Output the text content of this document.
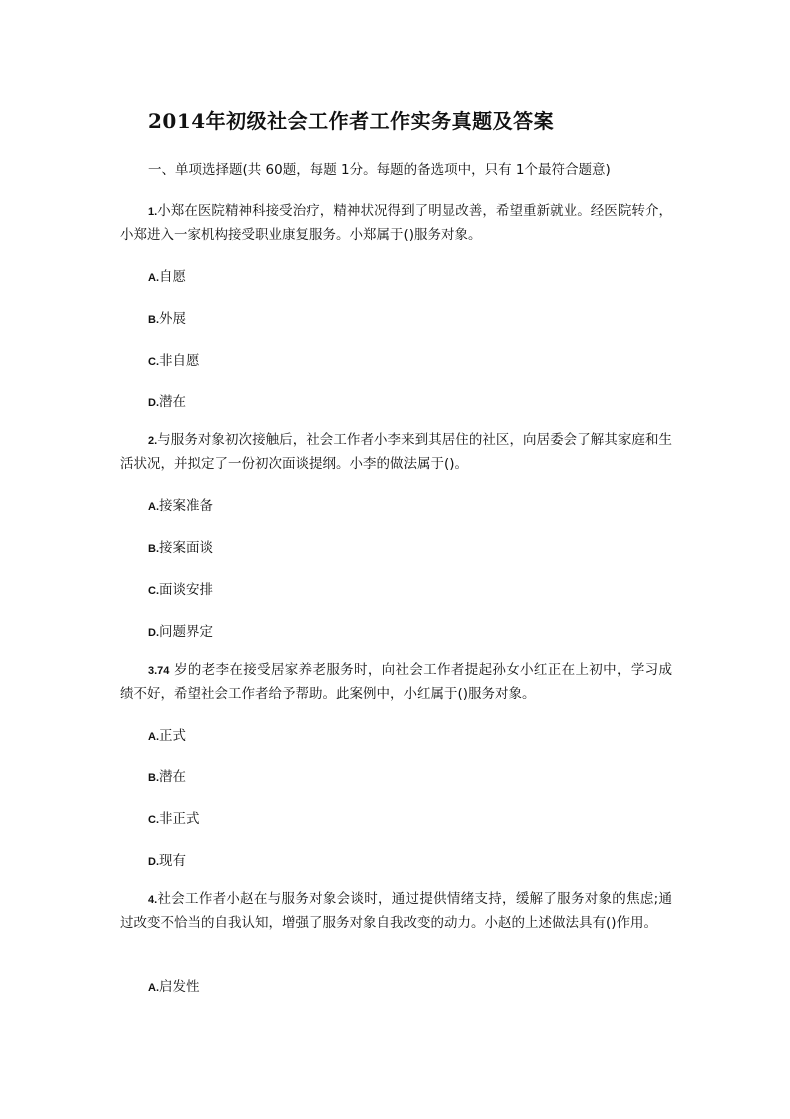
2014年初级社会工作者工作实务真题及答案
一、单项选择题(共 60题，每题 1分。每题的备选项中，只有 1个最符合题意)
1.小郑在医院精神科接受治疗，精神状况得到了明显改善，希望重新就业。经医院转介，小郑进入一家机构接受职业康复服务。小郑属于()服务对象。
A.自愿
B.外展
C.非自愿
D.潜在
2.与服务对象初次接触后，社会工作者小李来到其居住的社区，向居委会了解其家庭和生活状况，并拟定了一份初次面谈提纲。小李的做法属于()。
A.接案准备
B.接案面谈
C.面谈安排
D.问题界定
3.74 岁的老李在接受居家养老服务时，向社会工作者提起孙女小红正在上初中，学习成绩不好，希望社会工作者给予帮助。此案例中，小红属于()服务对象。
A.正式
B.潜在
C.非正式
D.现有
4.社会工作者小赵在与服务对象会谈时，通过提供情绪支持，缓解了服务对象的焦虑;通过改变不恰当的自我认知，增强了服务对象自我改变的动力。小赵的上述做法具有()作用。
A.启发性
